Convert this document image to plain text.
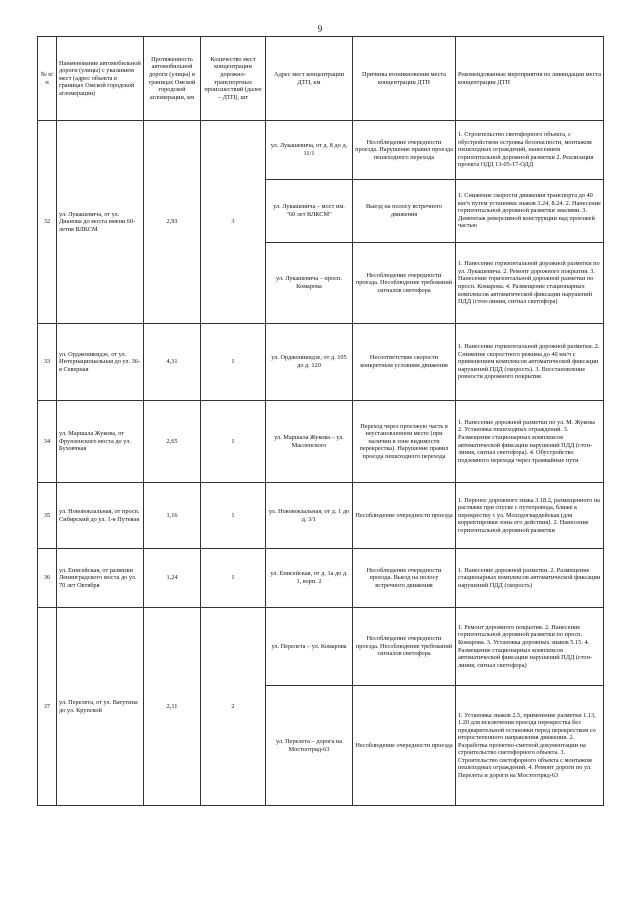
9
№ п/п	Наименование автомобильной дороги (улицы) с указанием мест (адрес объекта в границах Омской городской агломерации)	Протяженность автомобильной дороги (улицы) в границах Омской городской агломерации, км	Количество мест концентрации дорожно-транспортных происшествий (далее – ДТП), шт	Адрес мест концентрации ДТП, км	Причины возникновения места концентрации ДТП	Рекомендованные мероприятия по ликвидации места концентрации ДТП
32	ул. Лукашевича, от ул. Дианова до моста имени 60-летия ВЛКСМ	2,93	3	ул. Лукашевича, от д. 8 до д. 11/1	Несоблюдение очередности проезда. Нарушение правил проезда пешеходного перехода	1. Строительство светофорного объекта, с обустройством островка безопасности, монтажом пешеходных ограждений, нанесением горизонтальной дорожной разметки 2. Реализация проекта ОДД 13-05-17-ОДД
				ул. Лукашевича – мост им. "60 лет ВЛКСМ"	Выезд на полосу встречного движения	1. Снижение скорости движения транспорта до 40 км/ч путем установки знаков 3.24, 8.24. 2. Нанесение горизонтальной дорожной разметки эмалями. 3. Демонтаж реверсивной конструкции над проезжей частью
				ул. Лукашевича – просп. Комарова	Несоблюдение очередности проезда. Несоблюдение требований сигналов светофора	1. Нанесение горизонтальной дорожной разметки по ул. Лукашевича. 2. Ремонт дорожного покрытия. 3. Нанесение горизонтальной дорожной разметки по просп. Комарова. 4. Размещение стационарных комплексов автоматической фиксации нарушений ПДД (стоп-линия, сигнал светофора)
33	ул. Орджоникидзе, от ул. Интернациональная до ул. 36-я Северная	4,31	1	ул. Орджоникидзе, от д. 105 до д. 120	Несоответствие скорости конкретным условиям движения	1. Нанесение горизонтальной дорожной разметки. 2. Снижение скоростного режима до 40 км/ч с применением комплексов автоматической фиксации нарушений ПДД (скорость). 3. Восстановление ровности дорожного покрытия
34	ул. Маршала Жукова, от Фрунзенского моста до ул. Буховчкая	2,65	1	ул. Маршала Жукова – ул. Масленского	Переход через проезжую часть в неустановленном месте (при наличии в зоне видимости перекрестка). Нарушение правил проезда пешеходного перехода	1. Нанесение дорожной разметки по ул. М. Жукова 2. Установка пешеходных ограждений. 3. Размещение стационарных комплексов автоматической фиксации нарушений ПДД (стоп-линия, сигнал светофора). 4. Обустройство подземного перехода через трамвайные пути
35	ул. Нововокзальная, от просп. Сибирский до ул. 1-я Путевая	1,16	1	ул. Нововокзальная, от д. 1 до д. 3/1	Несоблюдение очередности проезда	1. Перенос дорожного знака 3.18.2, размещенного на растяжке при спуске с путепровода, ближе к перекрестку с ул. Молодогвардейская (для корректировки зоны его действия). 2. Нанесение горизонтальной дорожной разметки
36	ул. Енисейская, от развязки Ленинградского моста до ул. 70 лет Октября	1,24	1	ул. Енисейская, от д. 1а до д. 1, корп. 2	Несоблюдение очередности проезда. Выезд на полосу встречного движения	1. Нанесение дорожной разметки. 2. Размещение стационарных комплексов автоматической фиксации нарушений ПДД (скорость)
37	ул. Перелета, от ул. Ватутина до ул. Крупской	2,11	2	ул. Перелета – ул. Комарова	Несоблюдение очередности проезда. Несоблюдение требований сигналов светофора	1. Ремонт дорожного покрытия. 2. Нанесение горизонтальной дорожной разметки по просп. Комарова. 3. Установка дорожных знаков 5.15. 4. Размещение стационарных комплексов автоматической фиксации нарушений ПДД (стоп-линия, сигнал светофора)
				ул. Перелета – дорога на Мостоотряд-63	Несоблюдение очередности проезда	1. Установка знаков 2.5, применение разметки 1.13, 1.20 для исключения проезда перекрестка без предварительной остановки перед перекрестком со второстепенного направления движения. 2. Разработка проектно-сметной документации на строительство светофорного объекта. 3. Строительство светофорного объекта с монтажом пешеходных ограждений. 4. Ремонт дороги по ул. Перелета и дороги на Мостоотряд-63
